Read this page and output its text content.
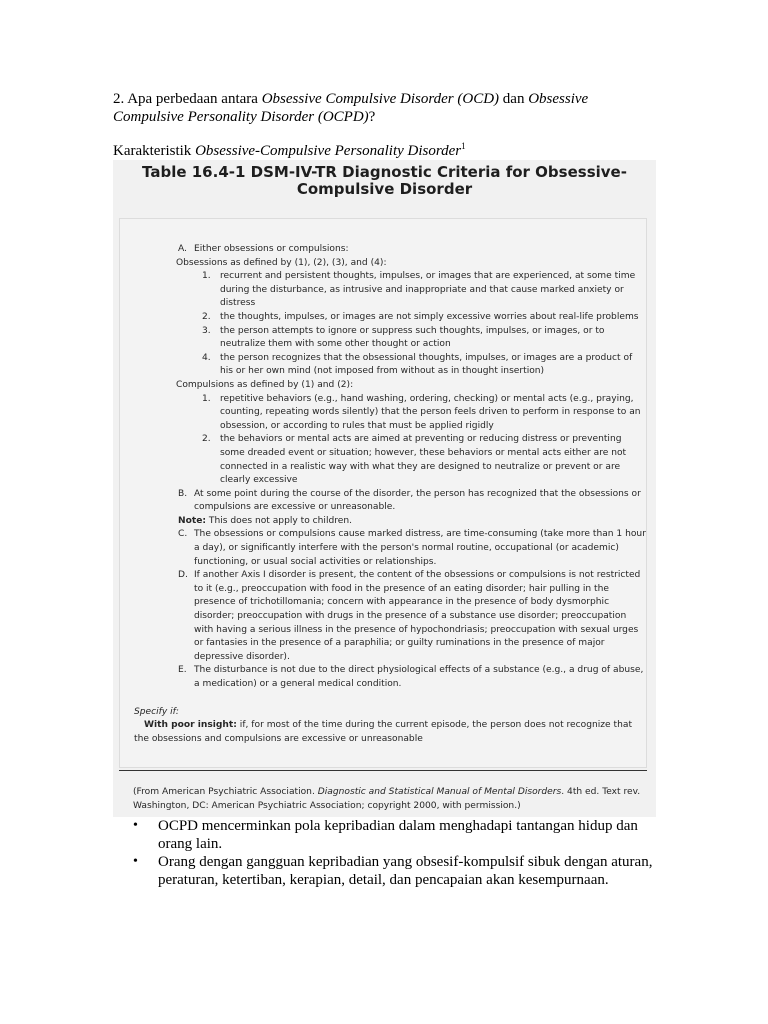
2. Apa perbedaan antara Obsessive Compulsive Disorder (OCD) dan Obsessive Compulsive Personality Disorder (OCPD)?
Karakteristik Obsessive-Compulsive Personality Disorder$^1$
Table 16.4-1 DSM-IV-TR Diagnostic Criteria for Obsessive-Compulsive Disorder
A. Either obsessions or compulsions:
Obsessions as defined by (1), (2), (3), and (4):
1. recurrent and persistent thoughts, impulses, or images that are experienced, at some time during the disturbance, as intrusive and inappropriate and that cause marked anxiety or distress
2. the thoughts, impulses, or images are not simply excessive worries about real-life problems
3. the person attempts to ignore or suppress such thoughts, impulses, or images, or to neutralize them with some other thought or action
4. the person recognizes that the obsessional thoughts, impulses, or images are a product of his or her own mind (not imposed from without as in thought insertion)
Compulsions as defined by (1) and (2):
1. repetitive behaviors (e.g., hand washing, ordering, checking) or mental acts (e.g., praying, counting, repeating words silently) that the person feels driven to perform in response to an obsession, or according to rules that must be applied rigidly
2. the behaviors or mental acts are aimed at preventing or reducing distress or preventing some dreaded event or situation; however, these behaviors or mental acts either are not connected in a realistic way with what they are designed to neutralize or prevent or are clearly excessive
B. At some point during the course of the disorder, the person has recognized that the obsessions or compulsions are excessive or unreasonable.
Note: This does not apply to children.
C. The obsessions or compulsions cause marked distress, are time-consuming (take more than 1 hour a day), or significantly interfere with the person's normal routine, occupational (or academic) functioning, or usual social activities or relationships.
D. If another Axis I disorder is present, the content of the obsessions or compulsions is not restricted to it (e.g., preoccupation with food in the presence of an eating disorder; hair pulling in the presence of trichotillomania; concern with appearance in the presence of body dysmorphic disorder; preoccupation with drugs in the presence of a substance use disorder; preoccupation with having a serious illness in the presence of hypochondriasis; preoccupation with sexual urges or fantasies in the presence of a paraphilia; or guilty ruminations in the presence of major depressive disorder).
E. The disturbance is not due to the direct physiological effects of a substance (e.g., a drug of abuse, a medication) or a general medical condition.
Specify if:
With poor insight: if, for most of the time during the current episode, the person does not recognize that the obsessions and compulsions are excessive or unreasonable
(From American Psychiatric Association. Diagnostic and Statistical Manual of Mental Disorders. 4th ed. Text rev. Washington, DC: American Psychiatric Association; copyright 2000, with permission.)
• OCPD mencerminkan pola kepribadian dalam menghadapi tantangan hidup dan orang lain.
• Orang dengan gangguan kepribadian yang obsesif-kompulsif sibuk dengan aturan, peraturan, ketertiban, kerapian, detail, dan pencapaian akan kesempurnaan.
